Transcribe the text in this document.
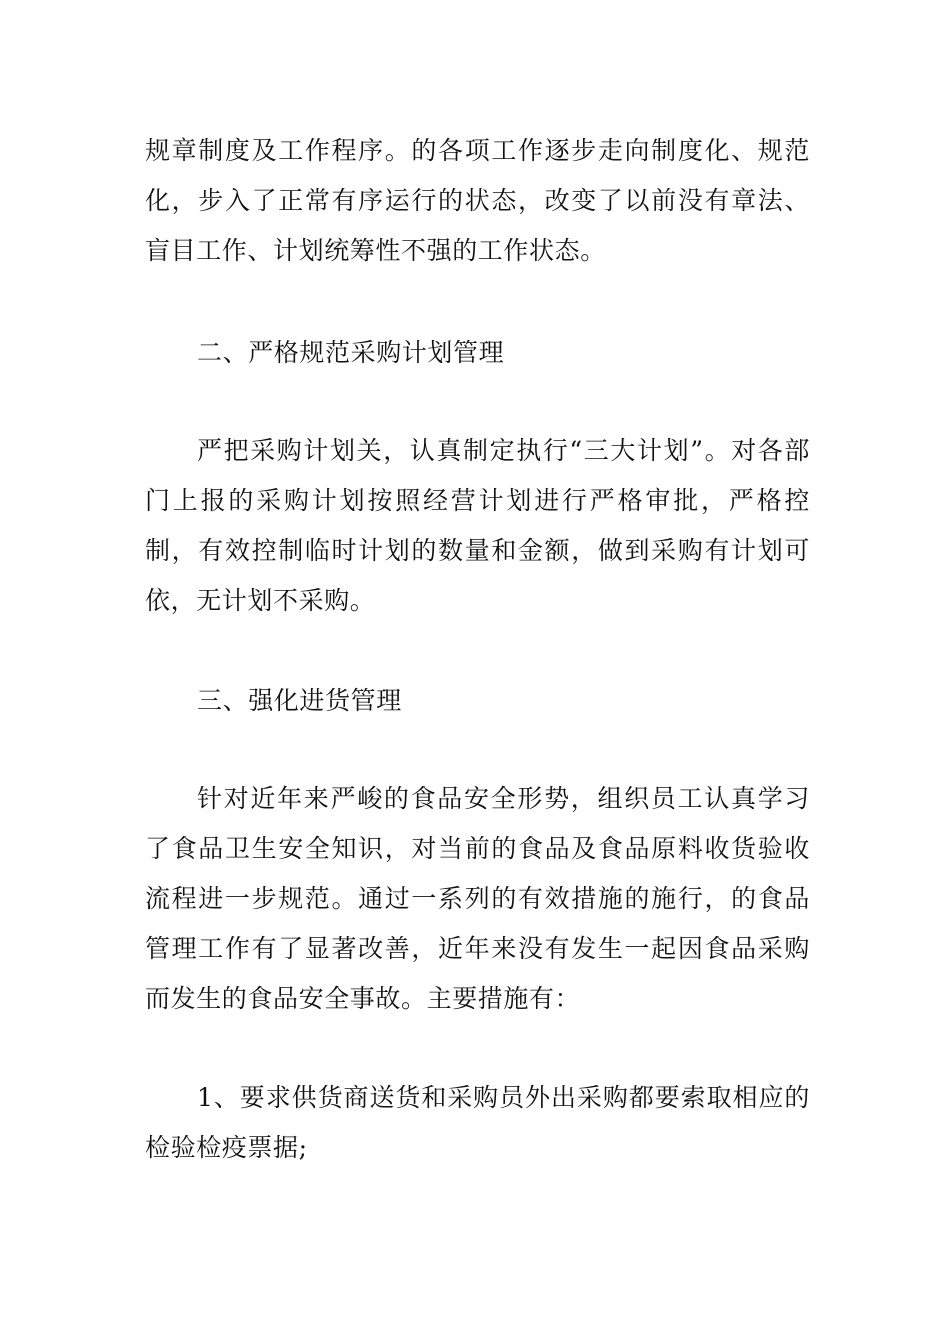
规章制度及工作程序。的各项工作逐步走向制度化、规范化，步入了正常有序运行的状态，改变了以前没有章法、盲目工作、计划统筹性不强的工作状态。

二、严格规范采购计划管理

严把采购计划关，认真制定执行“三大计划”。对各部门上报的采购计划按照经营计划进行严格审批，严格控制，有效控制临时计划的数量和金额，做到采购有计划可依，无计划不采购。

三、强化进货管理

针对近年来严峻的食品安全形势，组织员工认真学习了食品卫生安全知识，对当前的食品及食品原料收货验收流程进一步规范。通过一系列的有效措施的施行，的食品管理工作有了显著改善，近年来没有发生一起因食品采购而发生的食品安全事故。主要措施有：

1、要求供货商送货和采购员外出采购都要索取相应的检验检疫票据;
